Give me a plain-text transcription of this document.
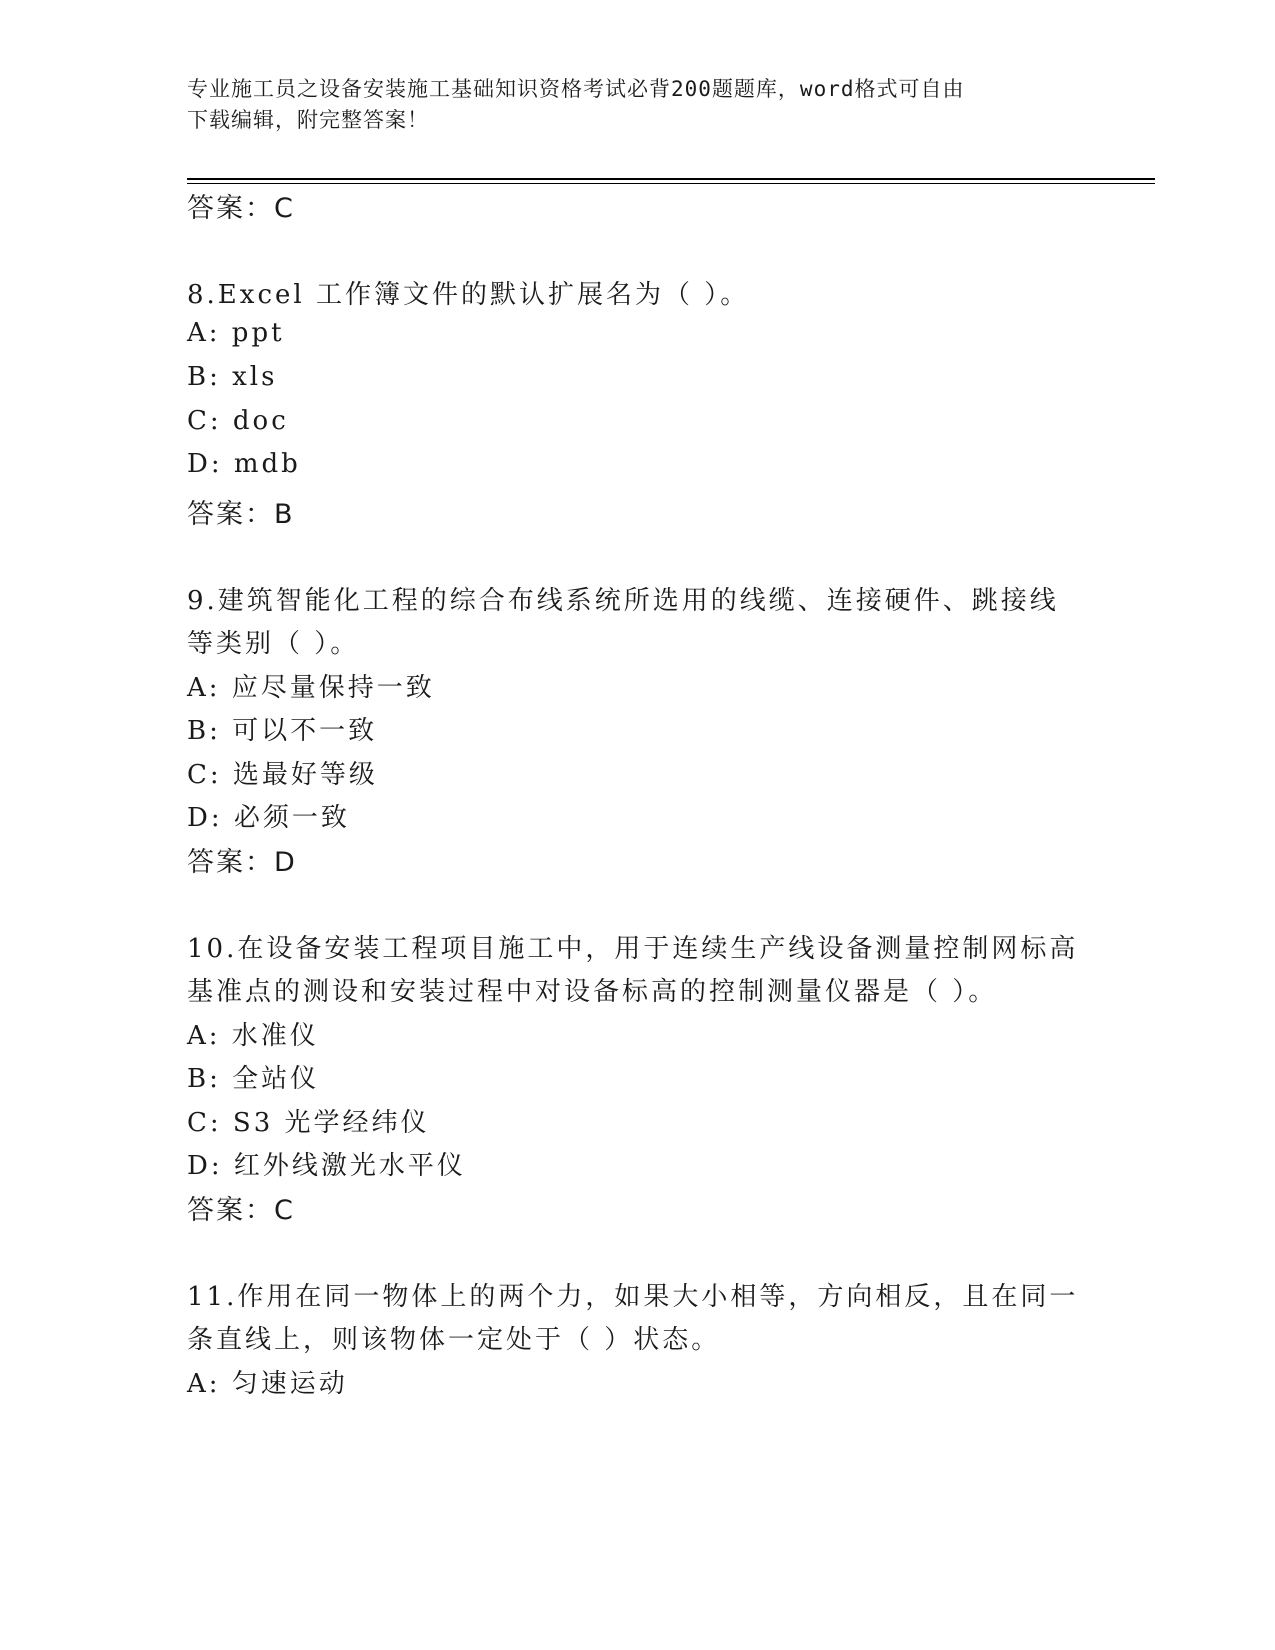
专业施工员之设备安装施工基础知识资格考试必背200题题库，word格式可自由
下载编辑，附完整答案！
答案：C
8.Excel 工作簿文件的默认扩展名为（ ）。
A: ppt
B: xls
C: doc
D: mdb
答案：B
9.建筑智能化工程的综合布线系统所选用的线缆、连接硬件、跳接线
等类别（ ）。
A: 应尽量保持一致
B: 可以不一致
C: 选最好等级
D: 必须一致
答案：D
10.在设备安装工程项目施工中，用于连续生产线设备测量控制网标高
基准点的测设和安装过程中对设备标高的控制测量仪器是（ ）。
A: 水准仪
B: 全站仪
C: S3 光学经纬仪
D: 红外线激光水平仪
答案：C
11.作用在同一物体上的两个力，如果大小相等，方向相反，且在同一
条直线上，则该物体一定处于（ ）状态。
A: 匀速运动
